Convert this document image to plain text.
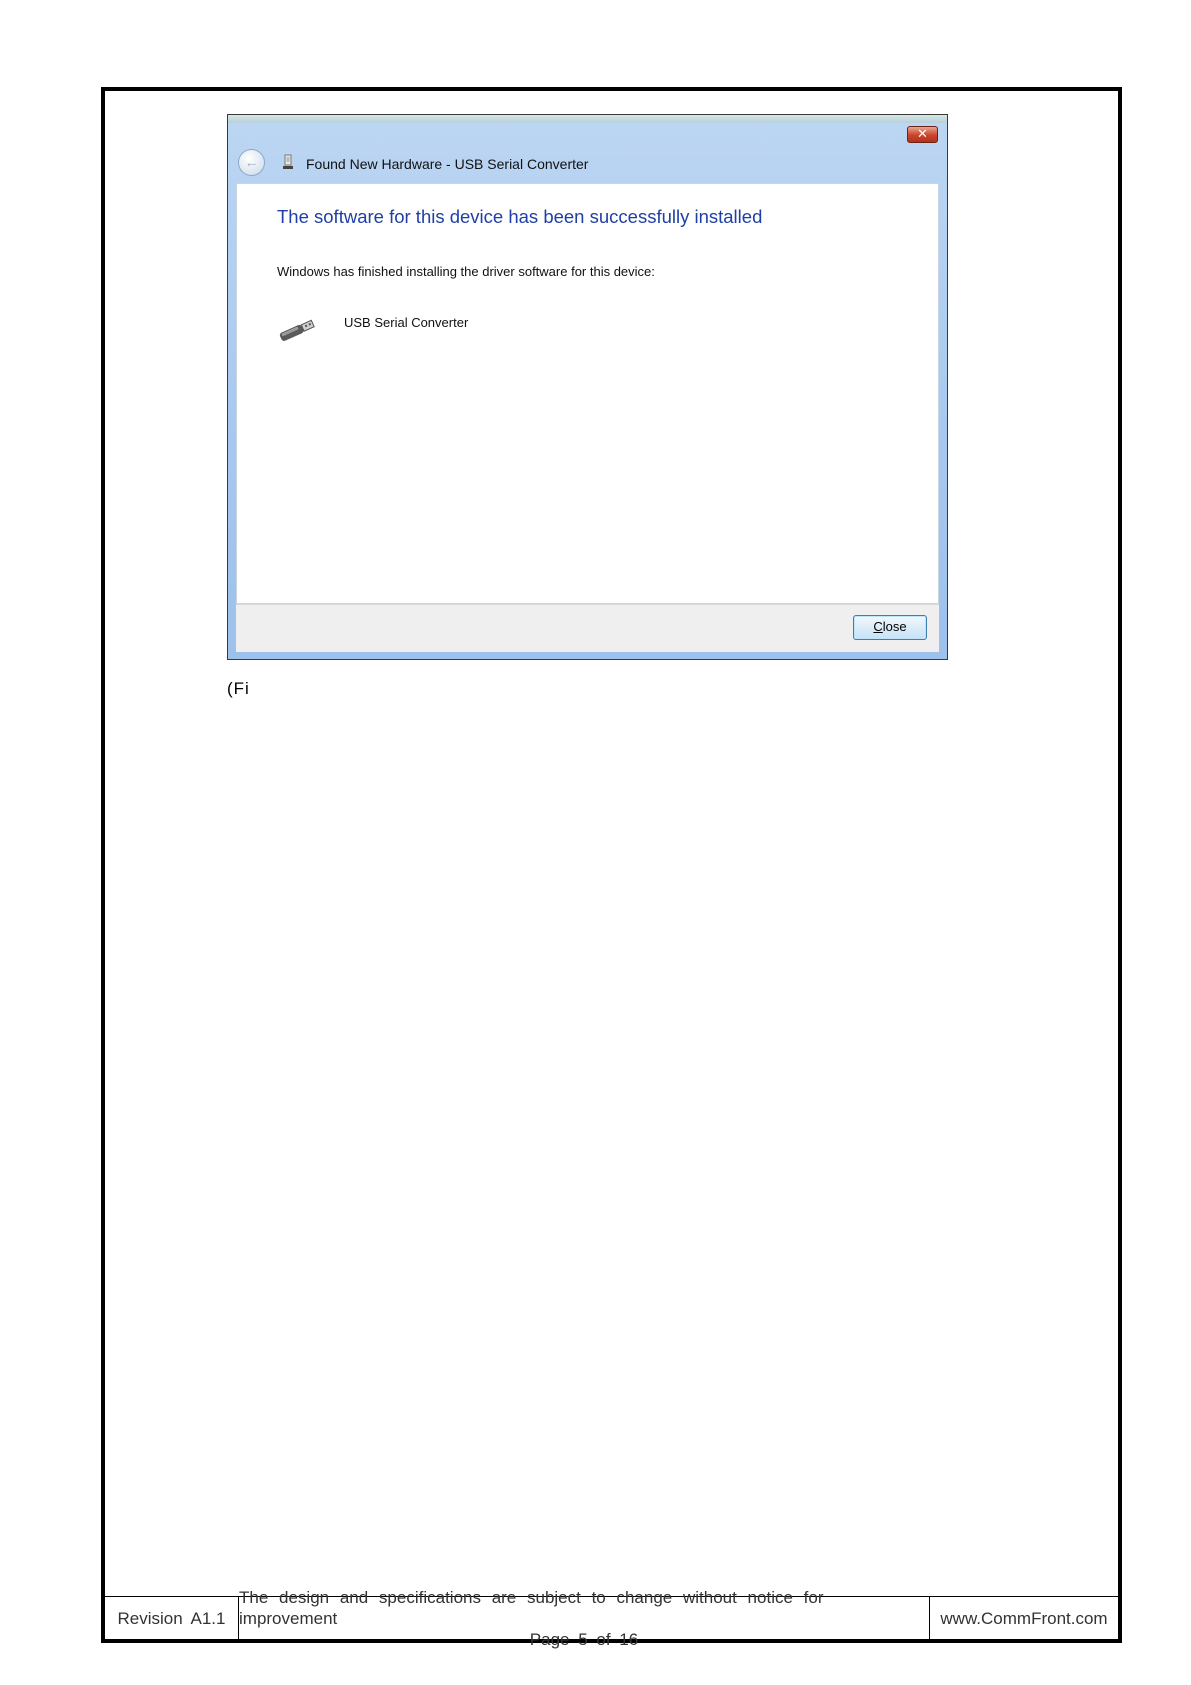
✕
←	Found New Hardware - USB Serial Converter
The software for this device has been successfully installed
Windows has finished installing the driver software for this device:
USB Serial Converter
Close
(Fi
Revision A1.1
The design and specifications are subject to change without notice for improvement
Page 5 of 16
www.CommFront.com
